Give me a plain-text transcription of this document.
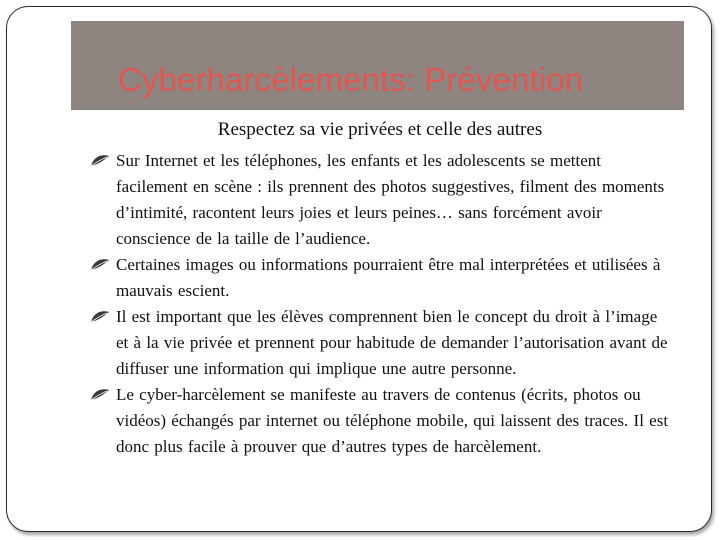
Cyberharcèlements: Prévention
Respectez sa vie privées et celle des autres
Sur Internet et les téléphones, les enfants et les adolescents se mettent facilement en scène : ils prennent des photos suggestives, filment des moments d’intimité, racontent leurs joies et leurs peines… sans forcément avoir conscience de la taille de l’audience.
Certaines images ou informations pourraient être mal interprétées et utilisées à mauvais escient.
Il est important que les élèves comprennent bien le concept du droit à l’image et à la vie privée et prennent pour habitude de demander l’autorisation avant de diffuser une information qui implique une autre personne.
Le cyber-harcèlement se manifeste au travers de contenus (écrits, photos ou vidéos) échangés par internet ou téléphone mobile, qui laissent des traces. Il est donc plus facile à prouver que d’autres types de harcèlement.
